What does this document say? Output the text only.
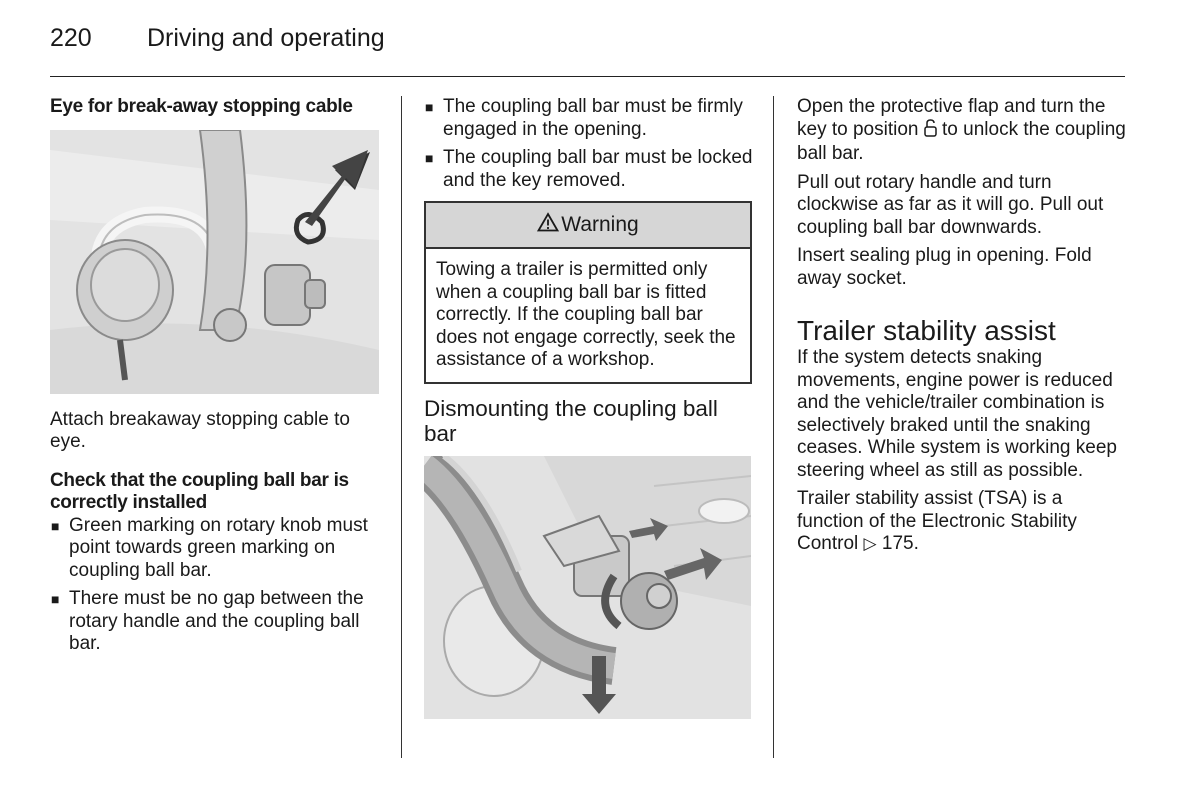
220 Driving and operating

Eye for break-away stopping cable

Attach breakaway stopping cable to eye.

Check that the coupling ball bar is correctly installed

■ Green marking on rotary knob must point towards green marking on coupling ball bar.
■ There must be no gap between the rotary handle and the coupling ball bar.
■ The coupling ball bar must be firmly engaged in the opening.
■ The coupling ball bar must be locked and the key removed.
Warning
Towing a trailer is permitted only when a coupling ball bar is fitted correctly. If the coupling ball bar does not engage correctly, seek the assistance of a workshop.

Dismounting the coupling ball bar

Open the protective flap and turn the key to position to unlock the coupling ball bar.

Pull out rotary handle and turn clockwise as far as it will go. Pull out coupling ball bar downwards.

Insert sealing plug in opening. Fold away socket.

Trailer stability assist

If the system detects snaking movements, engine power is reduced and the vehicle/trailer combination is selectively braked until the snaking ceases. While system is working keep steering wheel as still as possible.

Trailer stability assist (TSA) is a function of the Electronic Stability Control ▷ 175.
